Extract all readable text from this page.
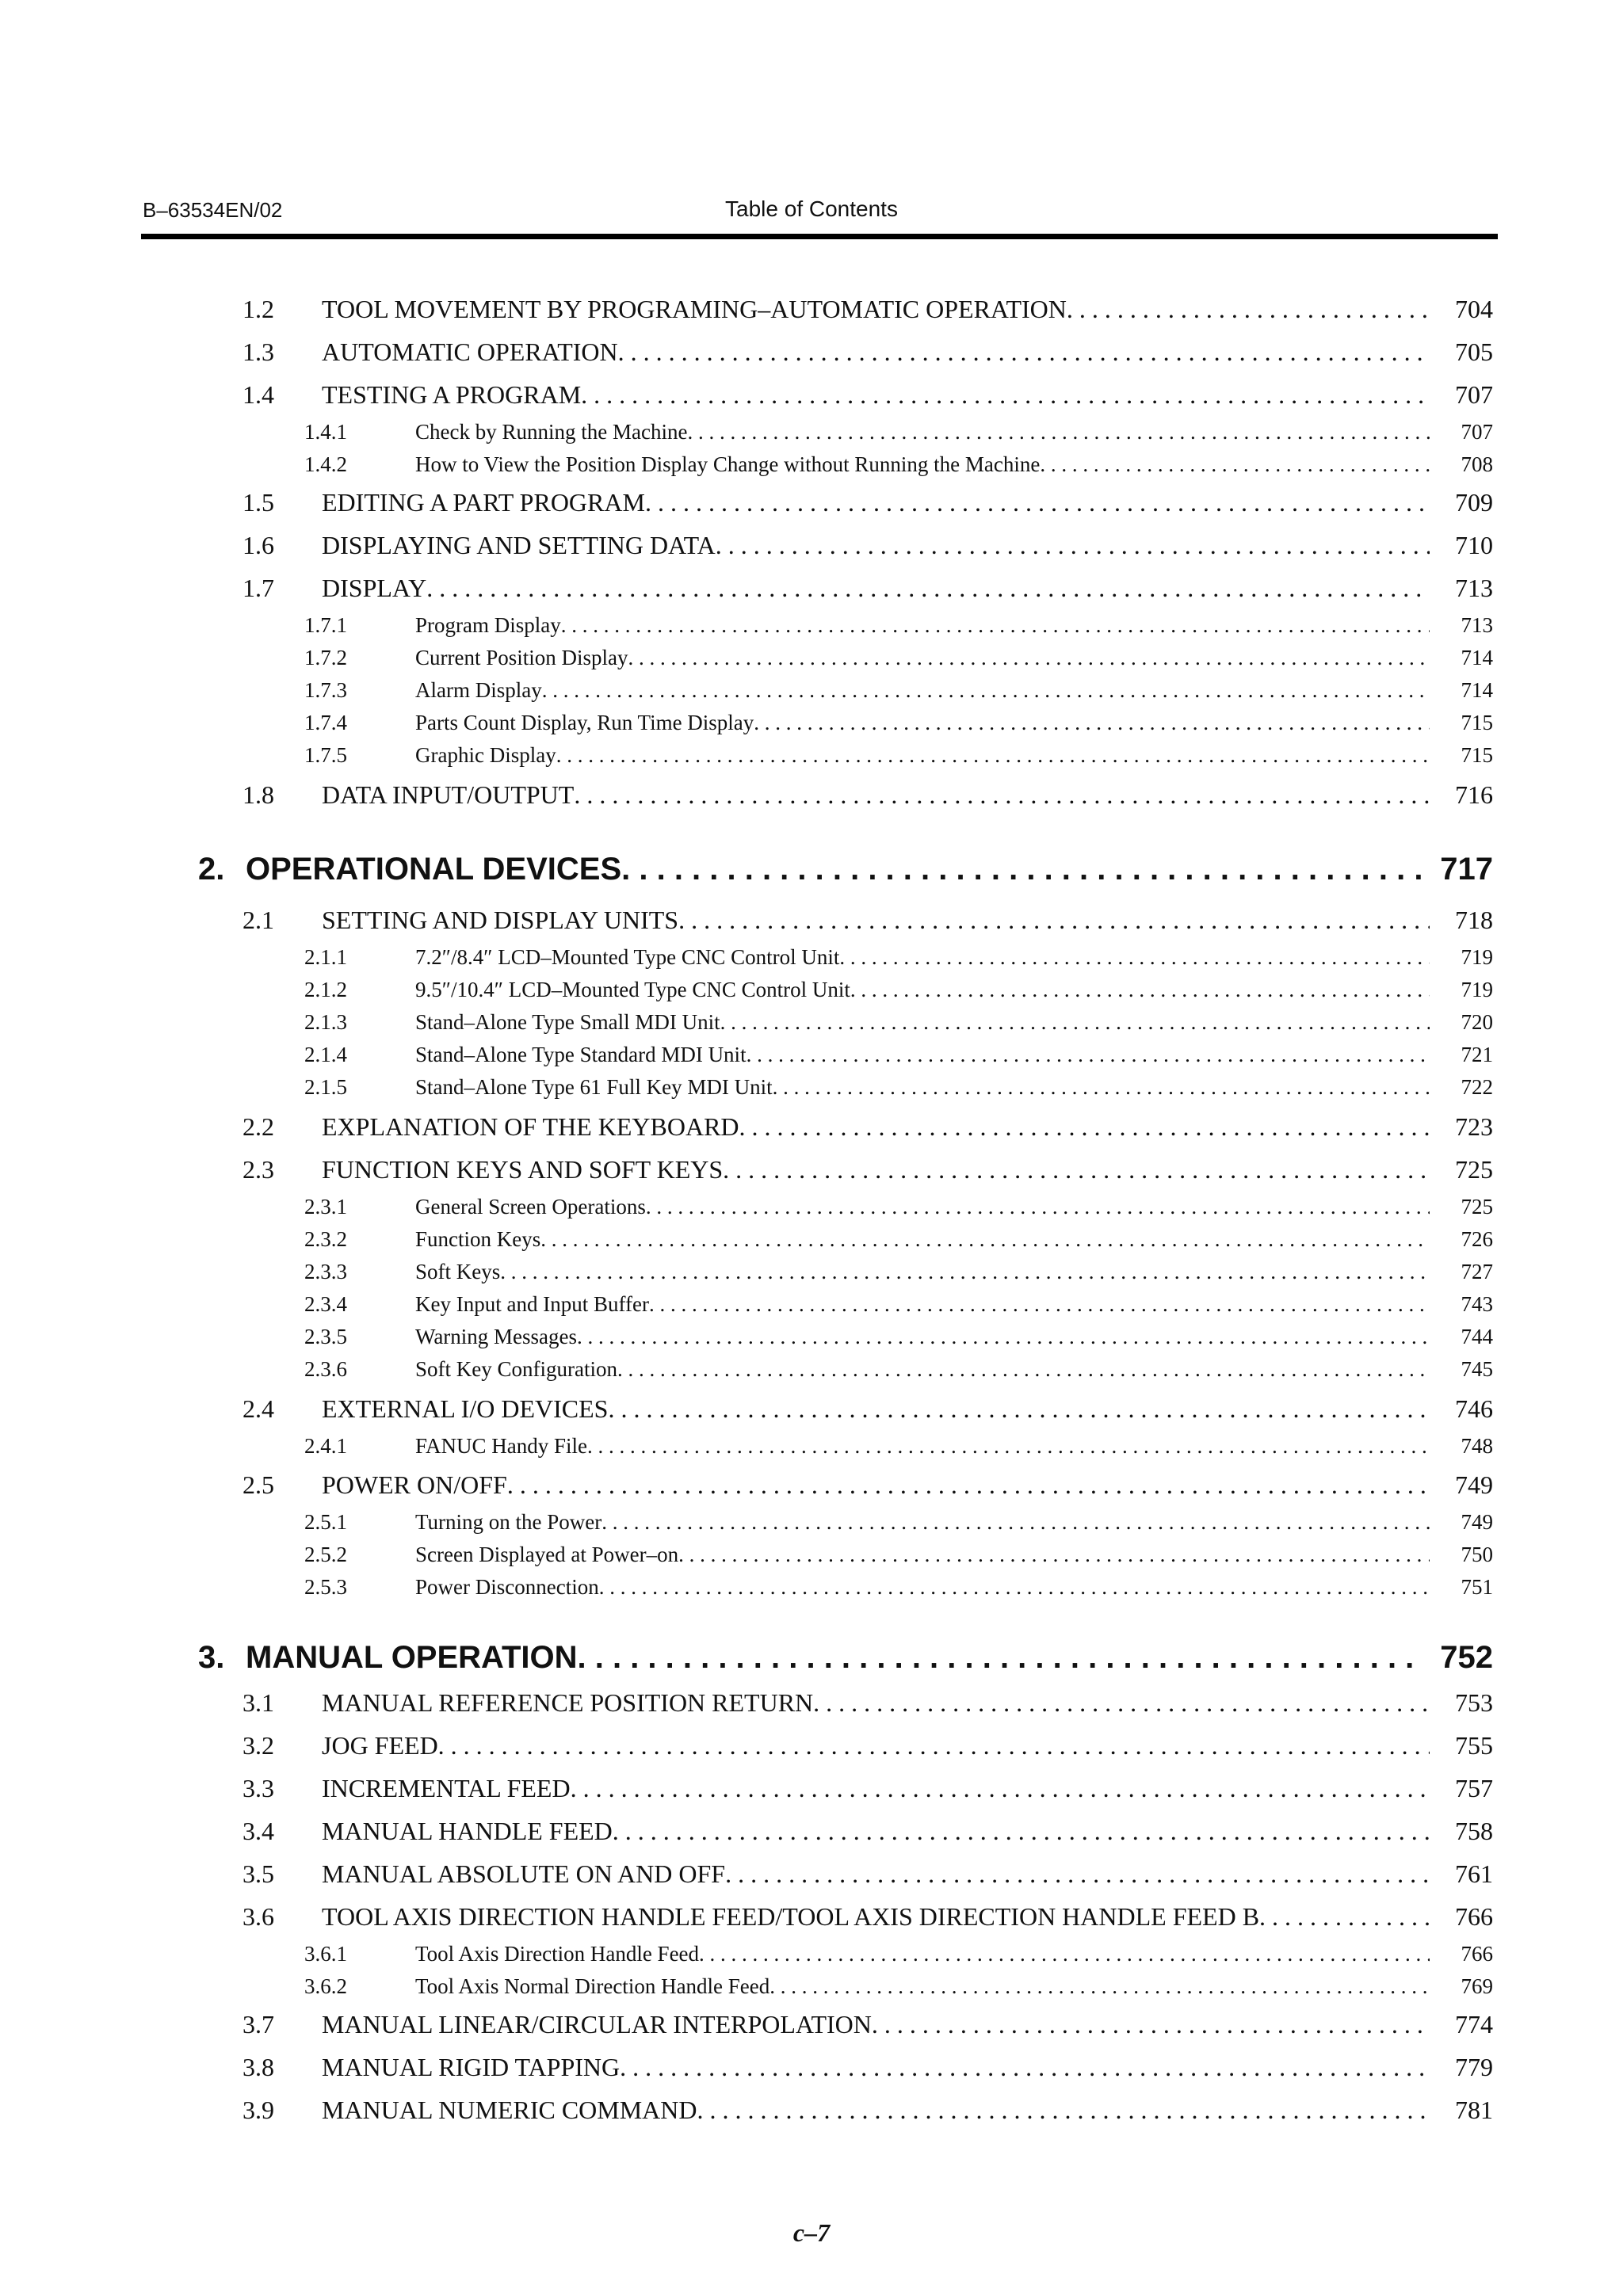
B–63534EN/02	Table of Contents
1.2	TOOL MOVEMENT BY PROGRAMING–AUTOMATIC OPERATION . . .	704
1.3	AUTOMATIC OPERATION . . .	705
1.4	TESTING A PROGRAM . . .	707
1.4.1	Check by Running the Machine . . .	707
1.4.2	How to View the Position Display Change without Running the Machine . . .	708
1.5	EDITING A PART PROGRAM . . .	709
1.6	DISPLAYING AND SETTING DATA . . .	710
1.7	DISPLAY . . .	713
1.7.1	Program Display . . .	713
1.7.2	Current Position Display . . .	714
1.7.3	Alarm Display . . .	714
1.7.4	Parts Count Display, Run Time Display . . .	715
1.7.5	Graphic Display . . .	715
1.8	DATA INPUT/OUTPUT . . .	716
2. OPERATIONAL DEVICES . . .	717
2.1	SETTING AND DISPLAY UNITS . . .	718
2.1.1	7.2″/8.4″ LCD–Mounted Type CNC Control Unit . . .	719
2.1.2	9.5″/10.4″ LCD–Mounted Type CNC Control Unit . . .	719
2.1.3	Stand–Alone Type Small MDI Unit . . .	720
2.1.4	Stand–Alone Type Standard MDI Unit . . .	721
2.1.5	Stand–Alone Type 61 Full Key MDI Unit . . .	722
2.2	EXPLANATION OF THE KEYBOARD . . .	723
2.3	FUNCTION KEYS AND SOFT KEYS . . .	725
2.3.1	General Screen Operations . . .	725
2.3.2	Function Keys . . .	726
2.3.3	Soft Keys . . .	727
2.3.4	Key Input and Input Buffer . . .	743
2.3.5	Warning Messages . . .	744
2.3.6	Soft Key Configuration . . .	745
2.4	EXTERNAL I/O DEVICES . . .	746
2.4.1	FANUC Handy File . . .	748
2.5	POWER ON/OFF . . .	749
2.5.1	Turning on the Power . . .	749
2.5.2	Screen Displayed at Power–on . . .	750
2.5.3	Power Disconnection . . .	751
3. MANUAL OPERATION . . .	752
3.1	MANUAL REFERENCE POSITION RETURN . . .	753
3.2	JOG FEED . . .	755
3.3	INCREMENTAL FEED . . .	757
3.4	MANUAL HANDLE FEED . . .	758
3.5	MANUAL ABSOLUTE ON AND OFF . . .	761
3.6	TOOL AXIS DIRECTION HANDLE FEED/TOOL AXIS DIRECTION HANDLE FEED B . . .	766
3.6.1	Tool Axis Direction Handle Feed . . .	766
3.6.2	Tool Axis Normal Direction Handle Feed . . .	769
3.7	MANUAL LINEAR/CIRCULAR INTERPOLATION . . .	774
3.8	MANUAL RIGID TAPPING . . .	779
3.9	MANUAL NUMERIC COMMAND . . .	781
c–7
